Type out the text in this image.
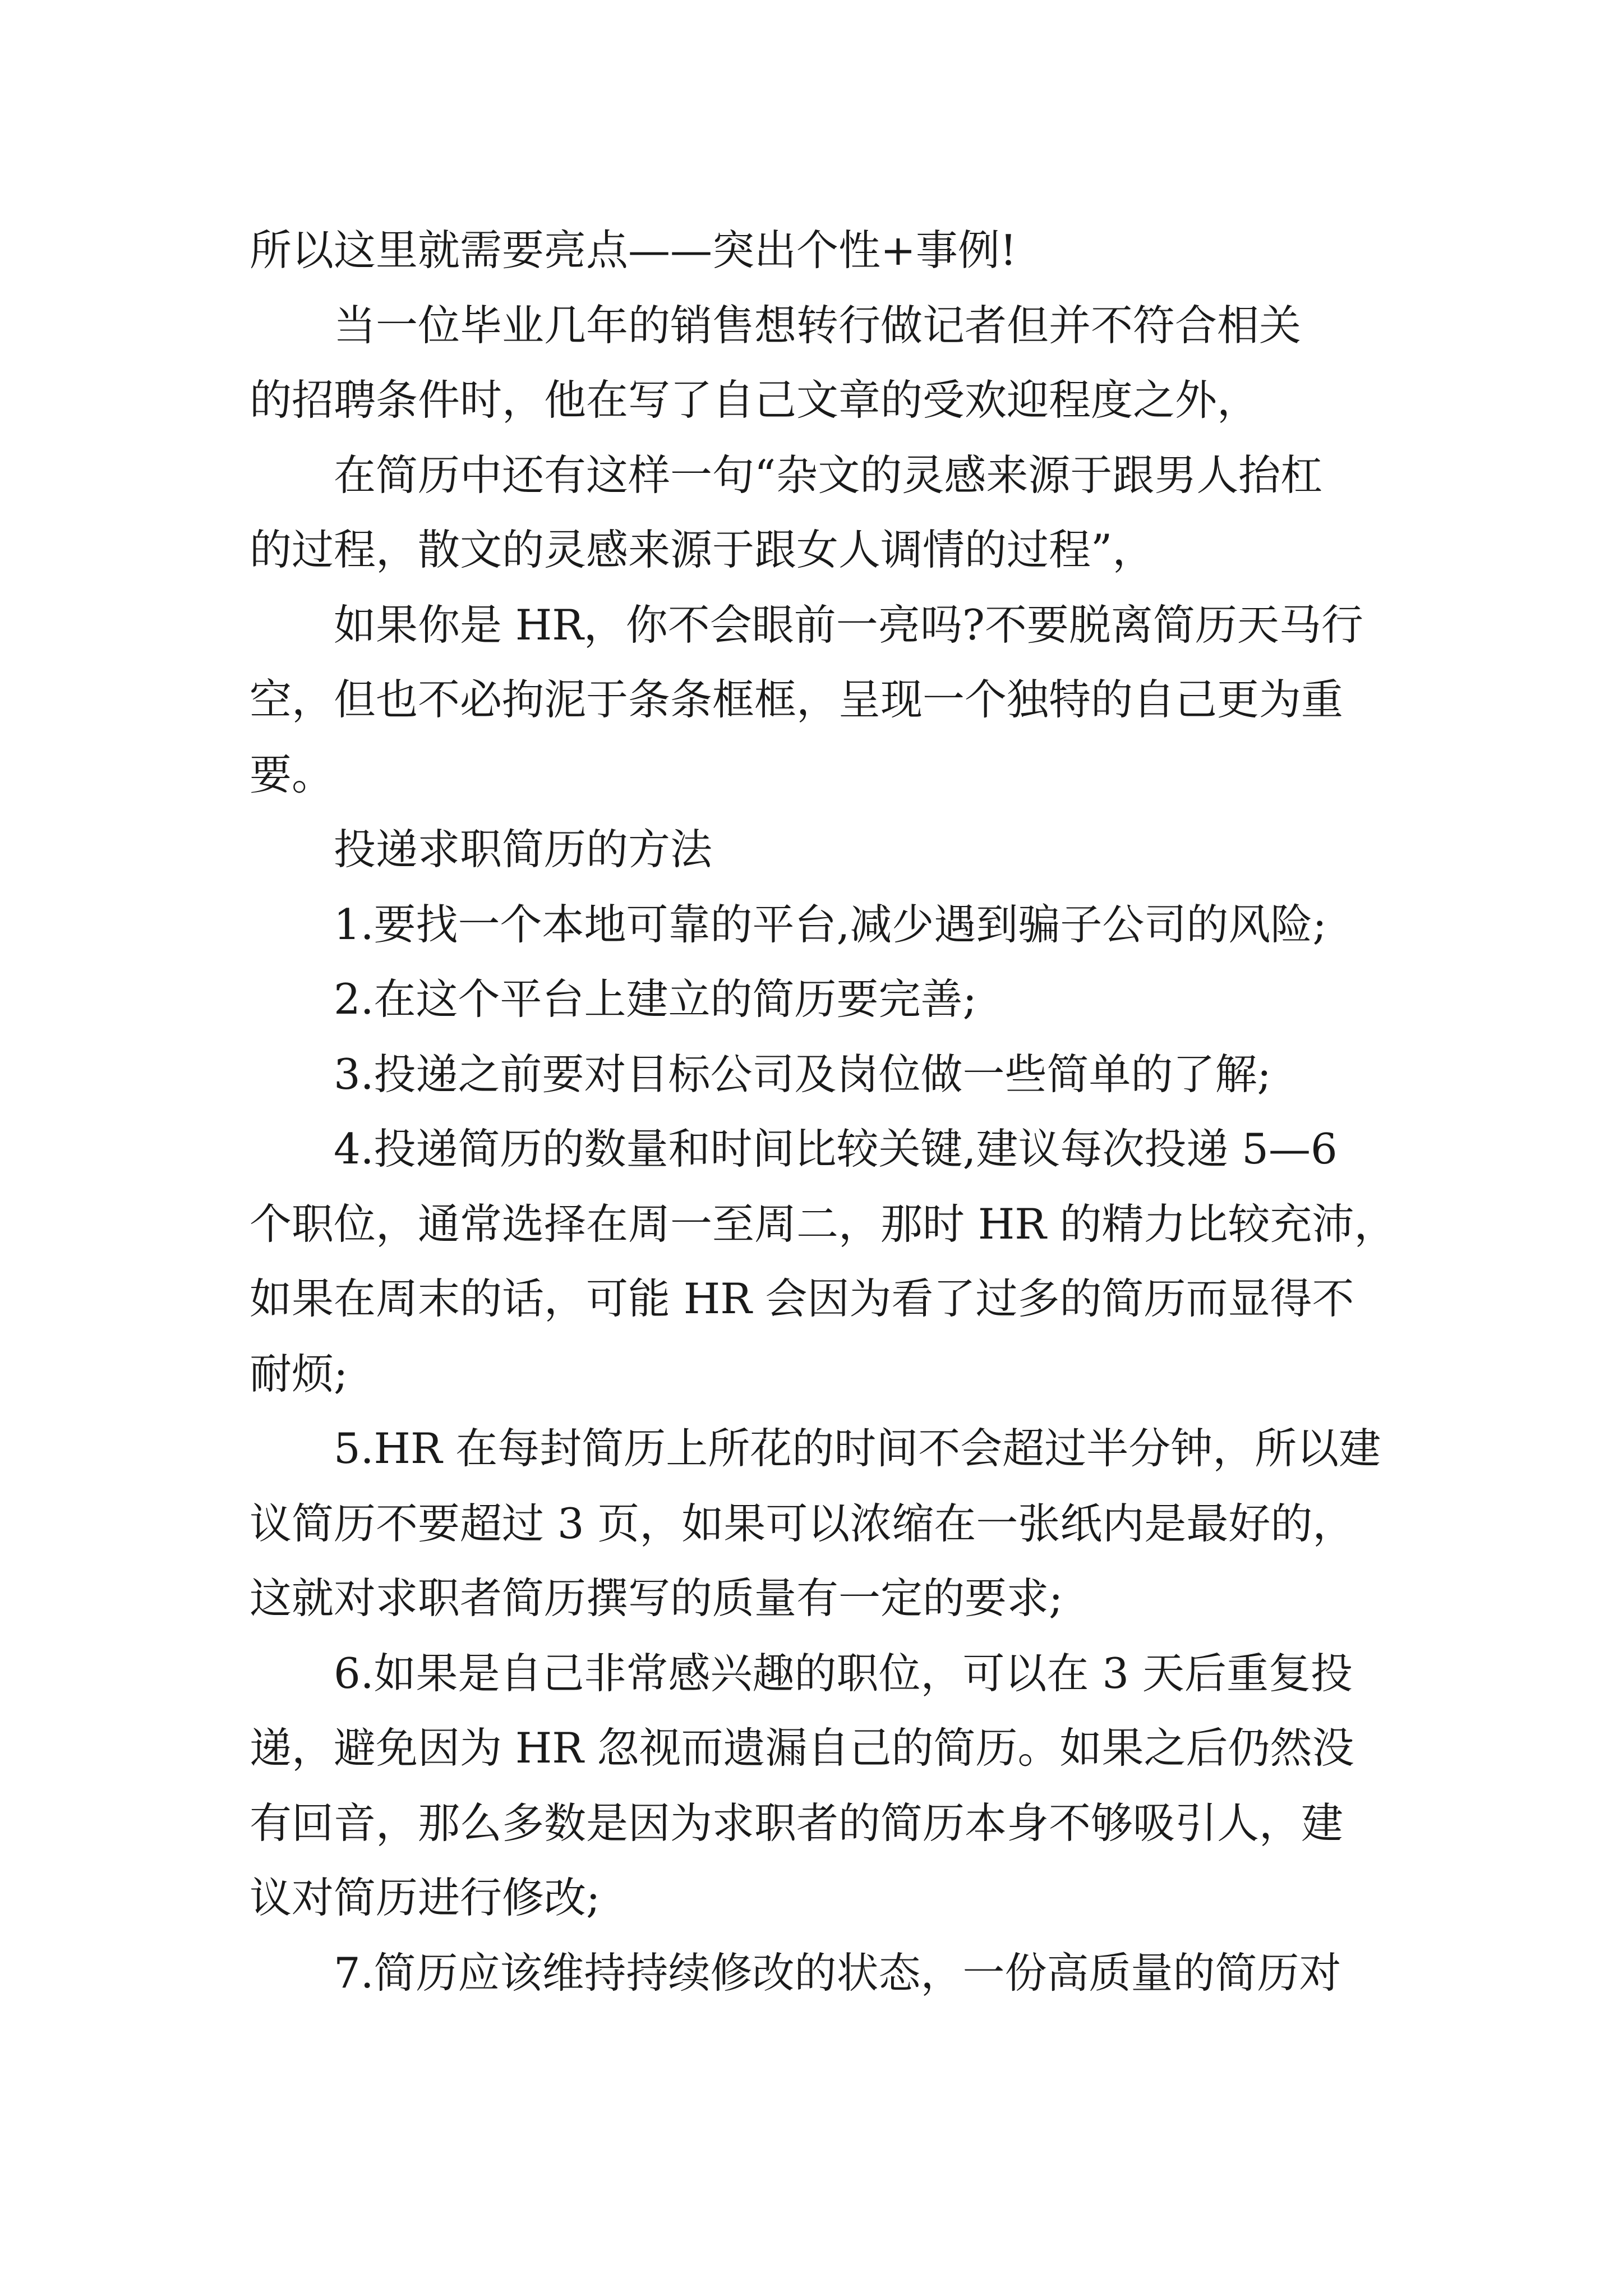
所以这里就需要亮点——突出个性+事例!
当一位毕业几年的销售想转行做记者但并不符合相关
的招聘条件时，他在写了自己文章的受欢迎程度之外，
在简历中还有这样一句“杂文的灵感来源于跟男人抬杠
的过程，散文的灵感来源于跟女人调情的过程”，
如果你是 HR，你不会眼前一亮吗?不要脱离简历天马行
空，但也不必拘泥于条条框框，呈现一个独特的自己更为重
要。
投递求职简历的方法
1.要找一个本地可靠的平台,减少遇到骗子公司的风险;
2.在这个平台上建立的简历要完善;
3.投递之前要对目标公司及岗位做一些简单的了解;
4.投递简历的数量和时间比较关键,建议每次投递 5—6
个职位，通常选择在周一至周二，那时 HR 的精力比较充沛，
如果在周末的话，可能 HR 会因为看了过多的简历而显得不
耐烦;
5.HR 在每封简历上所花的时间不会超过半分钟，所以建
议简历不要超过 3 页，如果可以浓缩在一张纸内是最好的，
这就对求职者简历撰写的质量有一定的要求;
6.如果是自己非常感兴趣的职位，可以在 3 天后重复投
递，避免因为 HR 忽视而遗漏自己的简历。如果之后仍然没
有回音，那么多数是因为求职者的简历本身不够吸引人，建
议对简历进行修改;
7.简历应该维持持续修改的状态，一份高质量的简历对
